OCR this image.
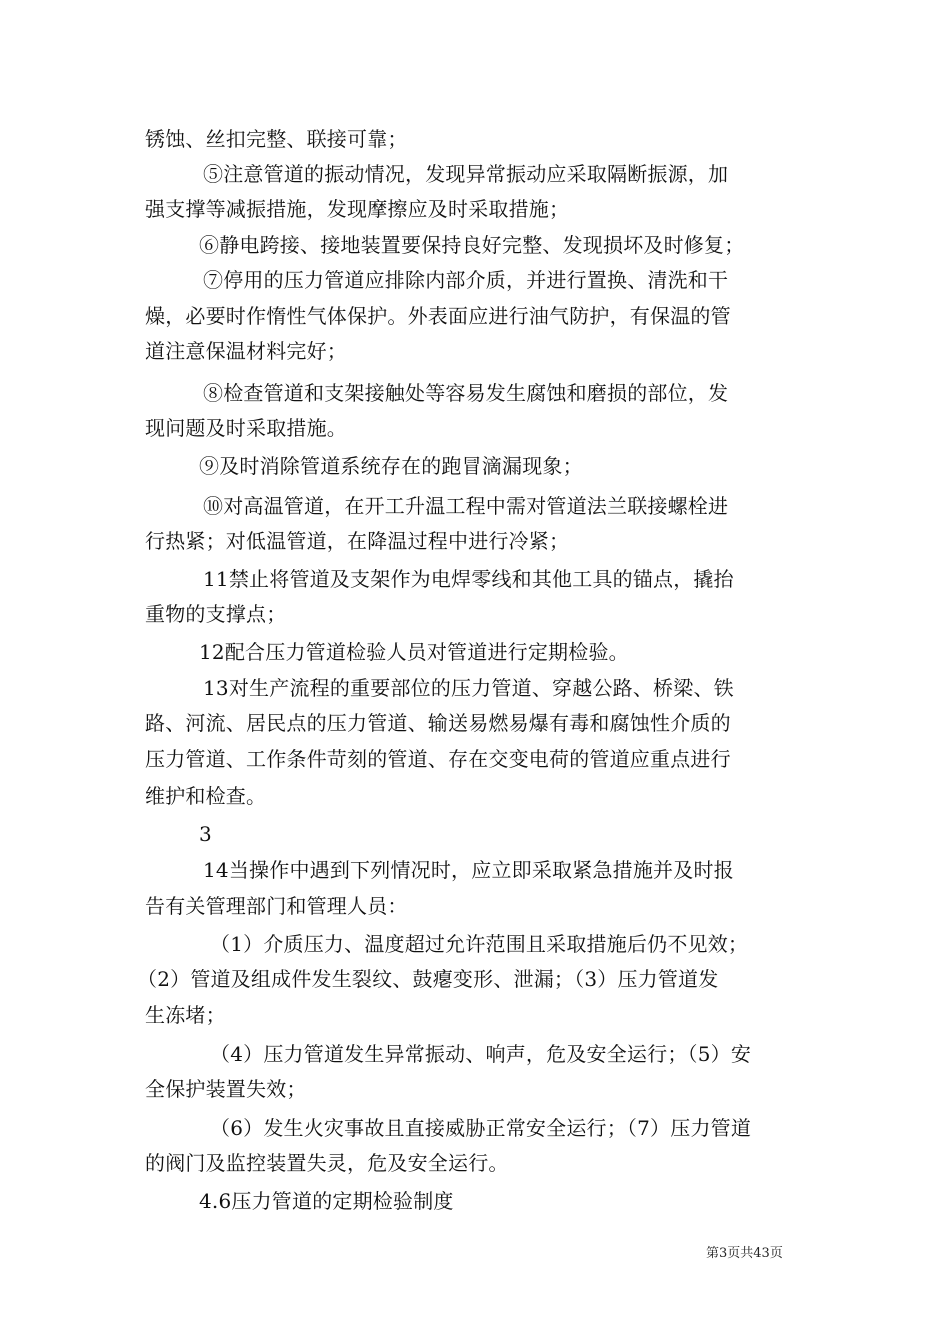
锈蚀、丝扣完整、联接可靠；
⑤注意管道的振动情况，发现异常振动应采取隔断振源，加
强支撑等减振措施，发现摩擦应及时采取措施；
⑥静电跨接、接地装置要保持良好完整、发现损坏及时修复；
⑦停用的压力管道应排除内部介质，并进行置换、清洗和干
燥，必要时作惰性气体保护。外表面应进行油气防护，有保温的管
道注意保温材料完好；
⑧检查管道和支架接触处等容易发生腐蚀和磨损的部位，发
现问题及时采取措施。
⑨及时消除管道系统存在的跑冒滴漏现象；
⑩对高温管道，在开工升温工程中需对管道法兰联接螺栓进
行热紧；对低温管道，在降温过程中进行冷紧；
11禁止将管道及支架作为电焊零线和其他工具的锚点，撬抬
重物的支撑点；
12配合压力管道检验人员对管道进行定期检验。
13对生产流程的重要部位的压力管道、穿越公路、桥梁、铁
路、河流、居民点的压力管道、输送易燃易爆有毒和腐蚀性介质的
压力管道、工作条件苛刻的管道、存在交变电荷的管道应重点进行
维护和检查。
3
14当操作中遇到下列情况时，应立即采取紧急措施并及时报
告有关管理部门和管理人员：
（1）介质压力、温度超过允许范围且采取措施后仍不见效；
（2）管道及组成件发生裂纹、鼓瘪变形、泄漏；（3）压力管道发
生冻堵；
（4）压力管道发生异常振动、响声，危及安全运行；（5）安
全保护装置失效；
（6）发生火灾事故且直接威胁正常安全运行；（7）压力管道
的阀门及监控装置失灵，危及安全运行。
4.6压力管道的定期检验制度
第3页共43页
